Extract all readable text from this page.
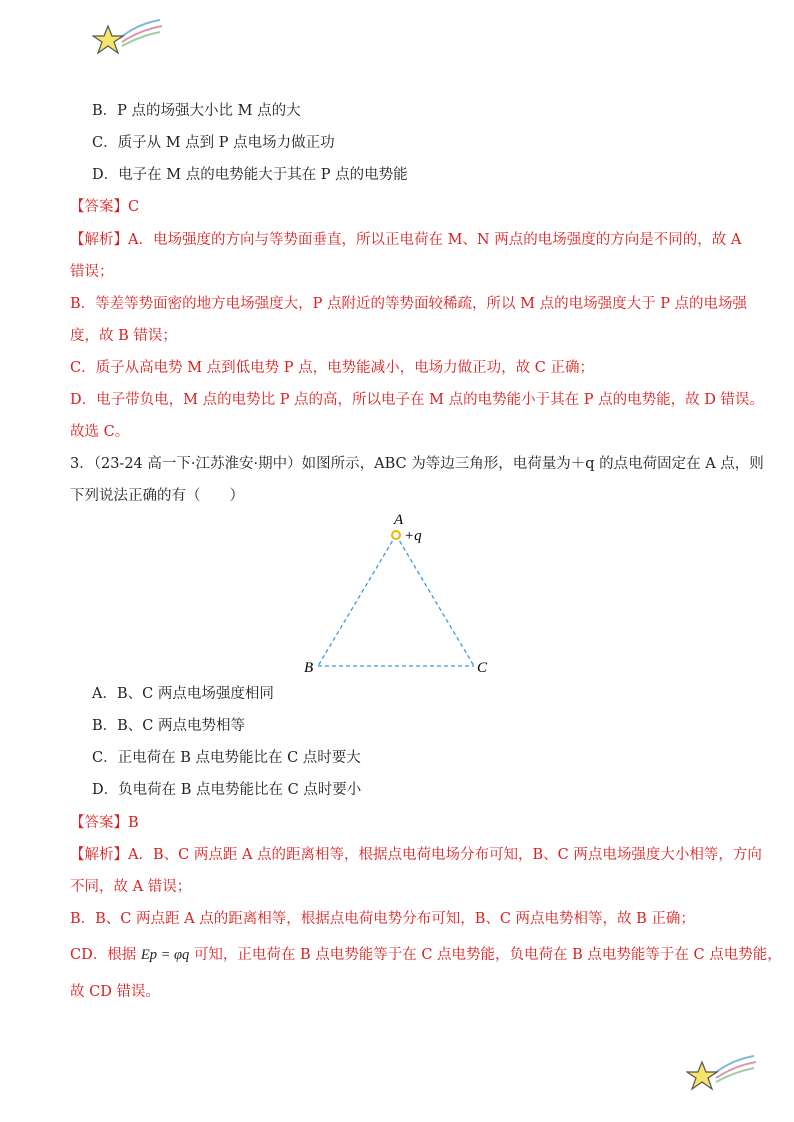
B．P 点的场强大小比 M 点的大
C．质子从 M 点到 P 点电场力做正功
D．电子在 M 点的电势能大于其在 P 点的电势能
【答案】C
【解析】A．电场强度的方向与等势面垂直，所以正电荷在 M、N 两点的电场强度的方向是不同的，故 A
错误；
B．等差等势面密的地方电场强度大，P 点附近的等势面较稀疏，所以 M 点的电场强度大于 P 点的电场强
度，故 B 错误；
C．质子从高电势 M 点到低电势 P 点，电势能减小，电场力做正功，故 C 正确；
D．电子带负电，M 点的电势比 P 点的高，所以电子在 M 点的电势能小于其在 P 点的电势能，故 D 错误。
故选 C。
3．（23-24 高一下·江苏淮安·期中）如图所示，ABC 为等边三角形，电荷量为＋q 的点电荷固定在 A 点，则
下列说法正确的有（　　）
A
+q
B	C
A．B、C 两点电场强度相同
B．B、C 两点电势相等
C．正电荷在 B 点电势能比在 C 点时要大
D．负电荷在 B 点电势能比在 C 点时要小
【答案】B
【解析】A．B、C 两点距 A 点的距离相等，根据点电荷电场分布可知，B、C 两点电场强度大小相等，方向
不同，故 A 错误；
B．B、C 两点距 A 点的距离相等，根据点电荷电势分布可知，B、C 两点电势相等，故 B 正确；
CD．根据 Ep = φq 可知，正电荷在 B 点电势能等于在 C 点电势能，负电荷在 B 点电势能等于在 C 点电势能，
故 CD 错误。
